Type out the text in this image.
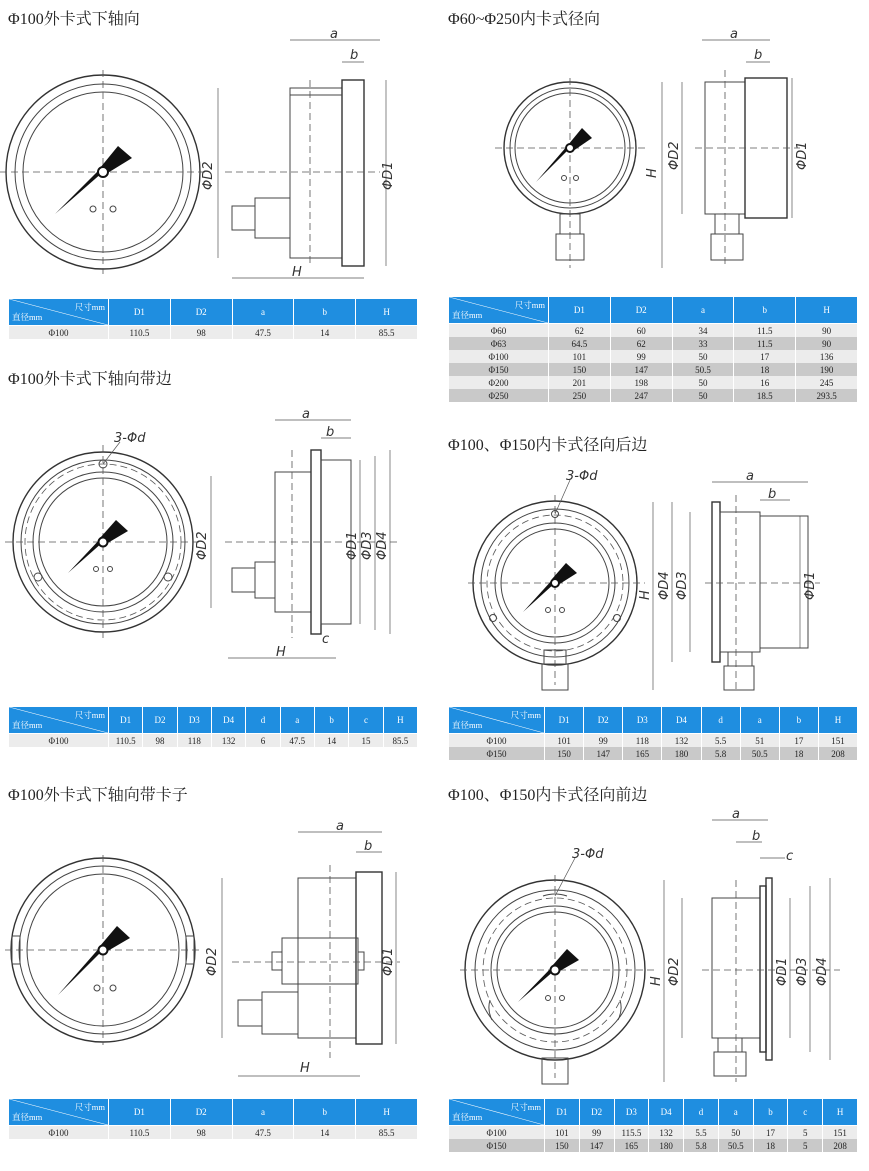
Φ100外卡式下轴向
a
b
H
ΦD2	ΦD1
尺寸mm
直径mm	D1	D2	a	b	H
Φ100	110.5	98	47.5	14	85.5
Φ60~Φ250内卡式径向
a
b
H
ΦD2	ΦD1
尺寸mm
直径mm	D1	D2	a	b	H
Φ60	62	60	34	11.5	90
Φ63	64.5	62	33	11.5	90
Φ100	101	99	50	17	136
Φ150	150	147	50.5	18	190
Φ200	201	198	50	16	245
Φ250	250	247	50	18.5	293.5
Φ100外卡式下轴向带边
3-Φd
a
b
c
H
ΦD2	ΦD1 ΦD3 ΦD4
尺寸mm
直径mm	D1	D2	D3	D4	d	a	b	c	H
Φ100	110.5	98	118	132	6	47.5	14	15	85.5
Φ100、Φ150内卡式径向后边
3-Φd	a
b
H ΦD4 ΦD3	ΦD1
尺寸mm
直径mm	D1	D2	D3	D4	d	a	b	H
Φ100	101	99	118	132	5.5	51	17	151
Φ150	150	147	165	180	5.8	50.5	18	208
Φ100外卡式下轴向带卡子
a
b
H
ΦD2	ΦD1
尺寸mm
直径mm	D1	D2	a	b	H
Φ100	110.5	98	47.5	14	85.5
Φ100、Φ150内卡式径向前边
3-Φd
a
b
c
H ΦD2	ΦD1 ΦD3 ΦD4
尺寸mm
直径mm	D1	D2	D3	D4	d	a	b	c	H
Φ100	101	99	115.5	132	5.5	50	17	5	151
Φ150	150	147	165	180	5.8	50.5	18	5	208
